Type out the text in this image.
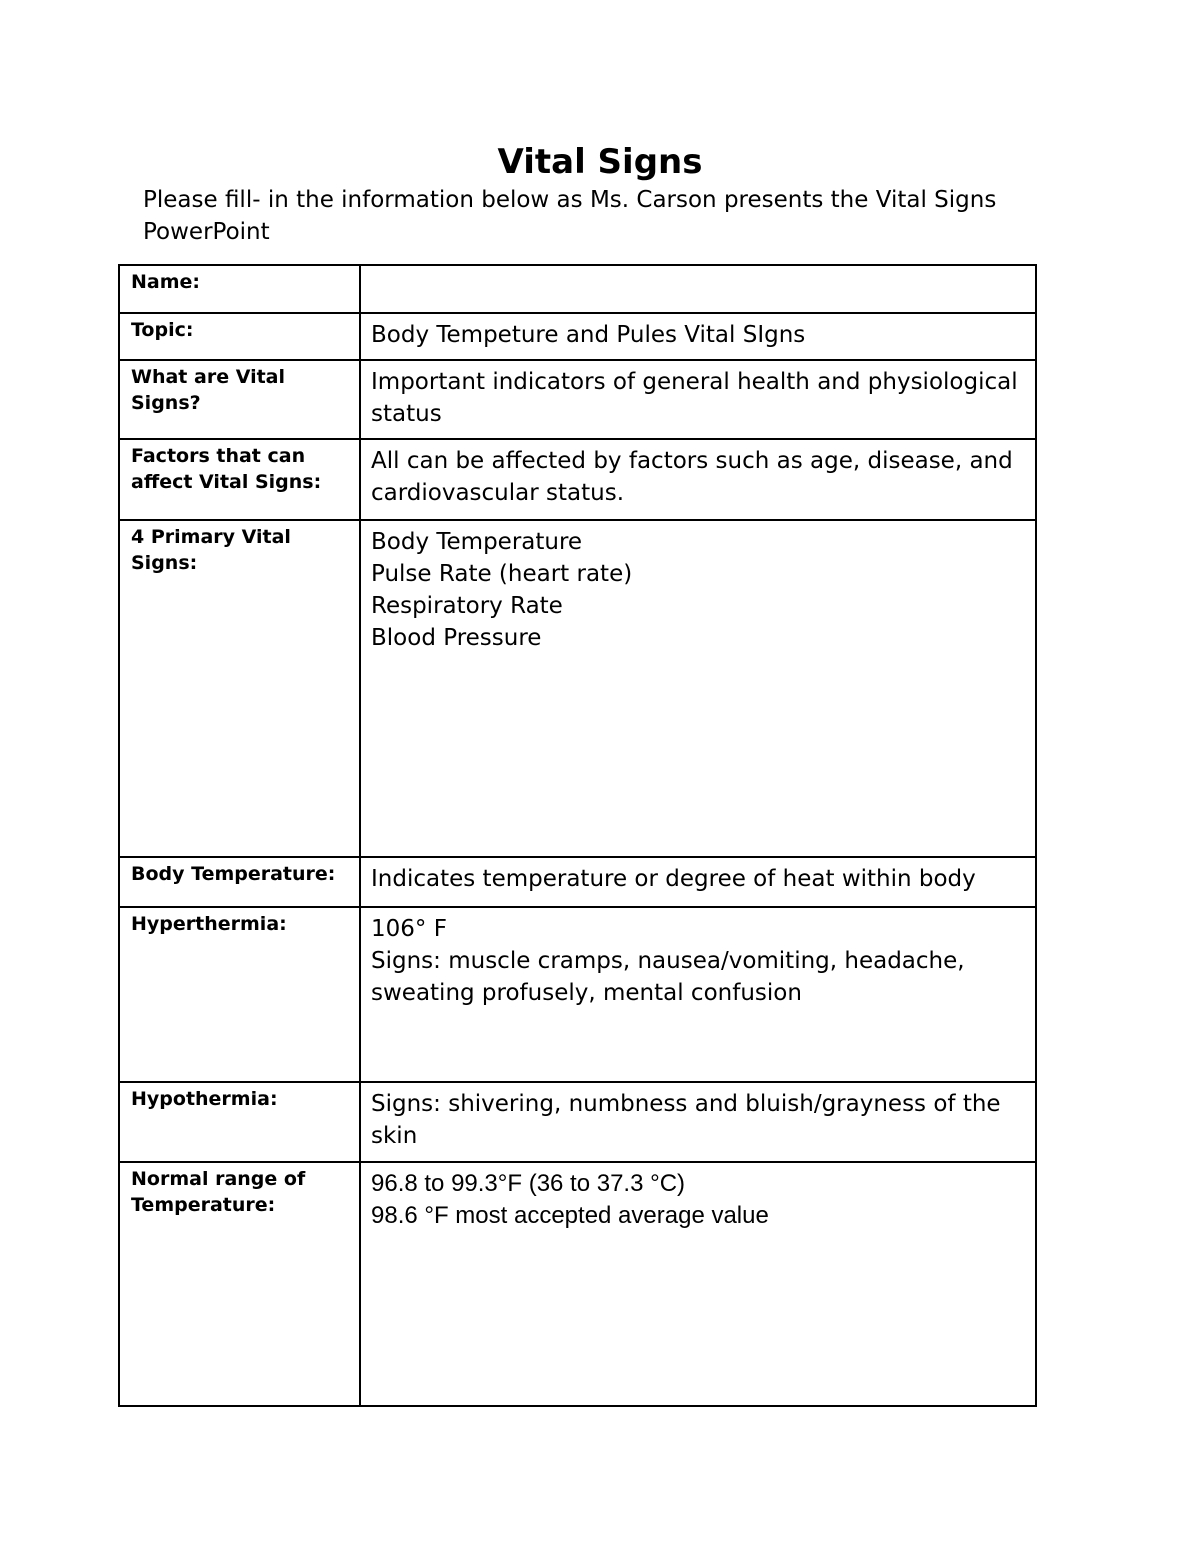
Vital Signs
Please fill- in the information below as Ms. Carson presents the Vital Signs PowerPoint
Name:	
Topic:	Body Tempeture and Pules Vital SIgns

What are Vital Signs?	Important indicators of general health and physiological status

Factors that can affect Vital Signs:	All can be affected by factors such as age, disease, and cardiovascular status.

4 Primary Vital Signs:	Body Temperature

Pulse Rate (heart rate)

Respiratory Rate

Blood Pressure

Body Temperature:	Indicates temperature or degree of heat within body

Hyperthermia:	106° F

Signs: muscle cramps, nausea/vomiting, headache, sweating profusely, mental confusion

Hypothermia:	Signs: shivering, numbness and bluish/grayness of the skin

Normal range of Temperature:	96.8 to 99.3°F (36 to 37.3 °C)

98.6 °F most accepted average value
